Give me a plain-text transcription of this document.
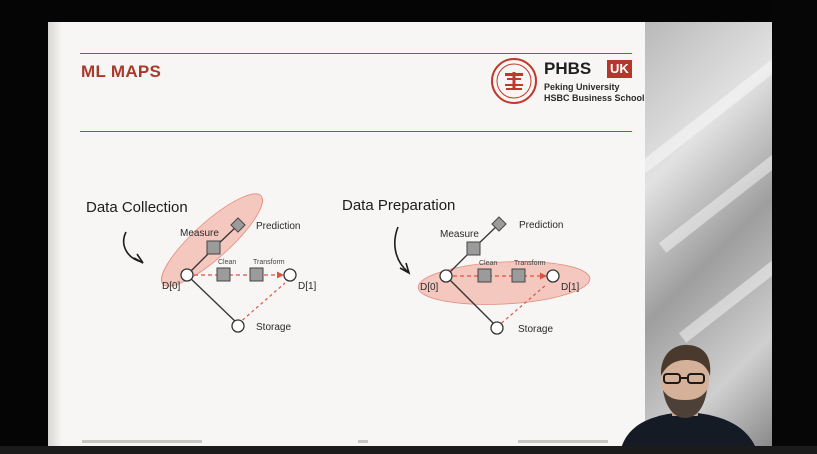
ML MAPS	PHBS UK
Peking University
HSBC Business School
Data Collection
Measure
Prediction
Clean Transform
D[0]	D[1]
Storage
Data Preparation
Measure
Prediction
Clean Transform
D[0]	D[1]
Storage
